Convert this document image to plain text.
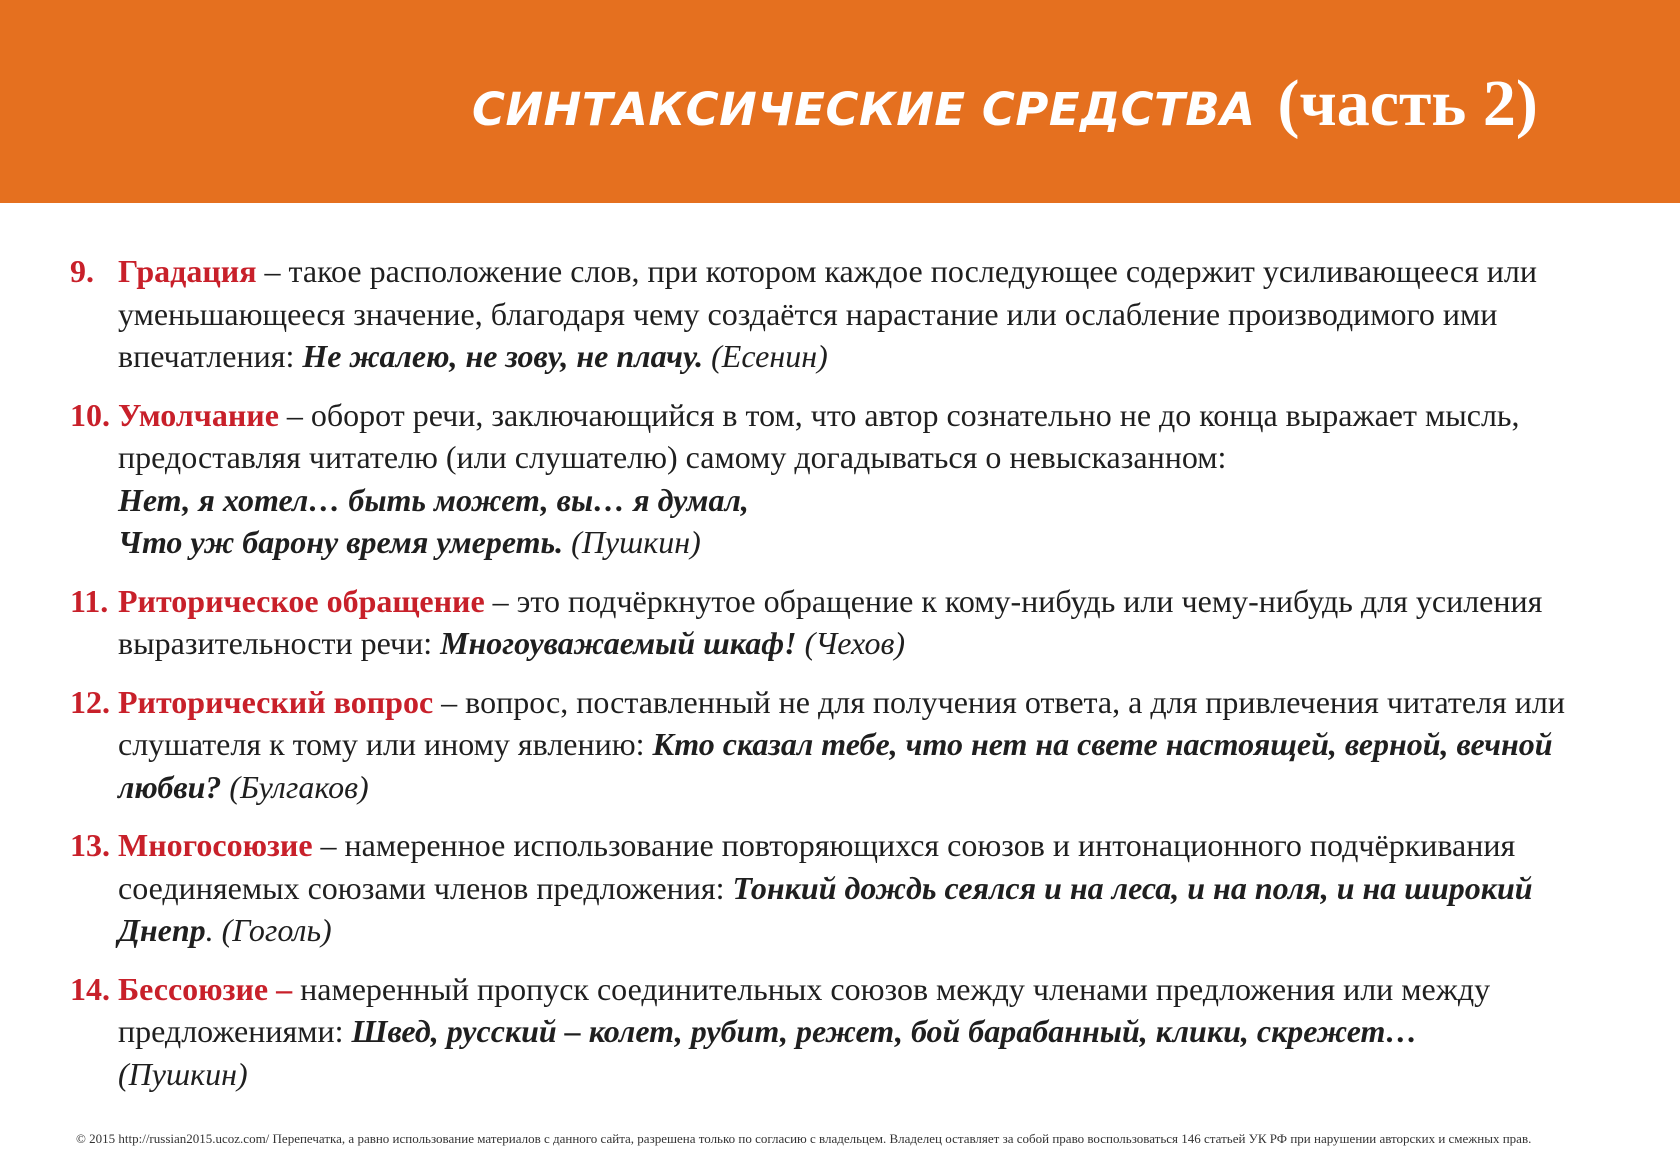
СИНТАКСИЧЕСКИЕ СРЕДСТВА (часть 2)
9. Градация – такое расположение слов, при котором каждое последующее содержит усиливающееся или уменьшающееся значение, благодаря чему создаётся нарастание или ослабление производимого ими впечатления: Не жалею, не зову, не плачу. (Есенин)
10. Умолчание – оборот речи, заключающийся в том, что автор сознательно не до конца выражает мысль, предоставляя читателю (или слушателю) самому догадываться о невысказанном:
Нет, я хотел… быть может, вы… я думал,
Что уж барону время умереть. (Пушкин)
11. Риторическое обращение – это подчёркнутое обращение к кому-нибудь или чему-нибудь для усиления выразительности речи: Многоуважаемый шкаф! (Чехов)
12. Риторический вопрос – вопрос, поставленный не для получения ответа, а для привлечения читателя или слушателя к тому или иному явлению: Кто сказал тебе, что нет на свете настоящей, верной, вечной любви? (Булгаков)
13. Многосоюзие – намеренное использование повторяющихся союзов и интонационного подчёркивания соединяемых союзами членов предложения: Тонкий дождь сеялся и на леса, и на поля, и на широкий Днепр. (Гоголь)
14. Бессоюзие – намеренный пропуск соединительных союзов между членами предложения или между предложениями: Швед, русский – колет, рубит, режет, бой барабанный, клики, скрежет…
(Пушкин)
© 2015 http://russian2015.ucoz.com/ Перепечатка, а равно использование материалов с данного сайта, разрешена только по согласию с владельцем. Владелец оставляет за собой право воспользоваться 146 статьей УК РФ при нарушении авторских и смежных прав.
